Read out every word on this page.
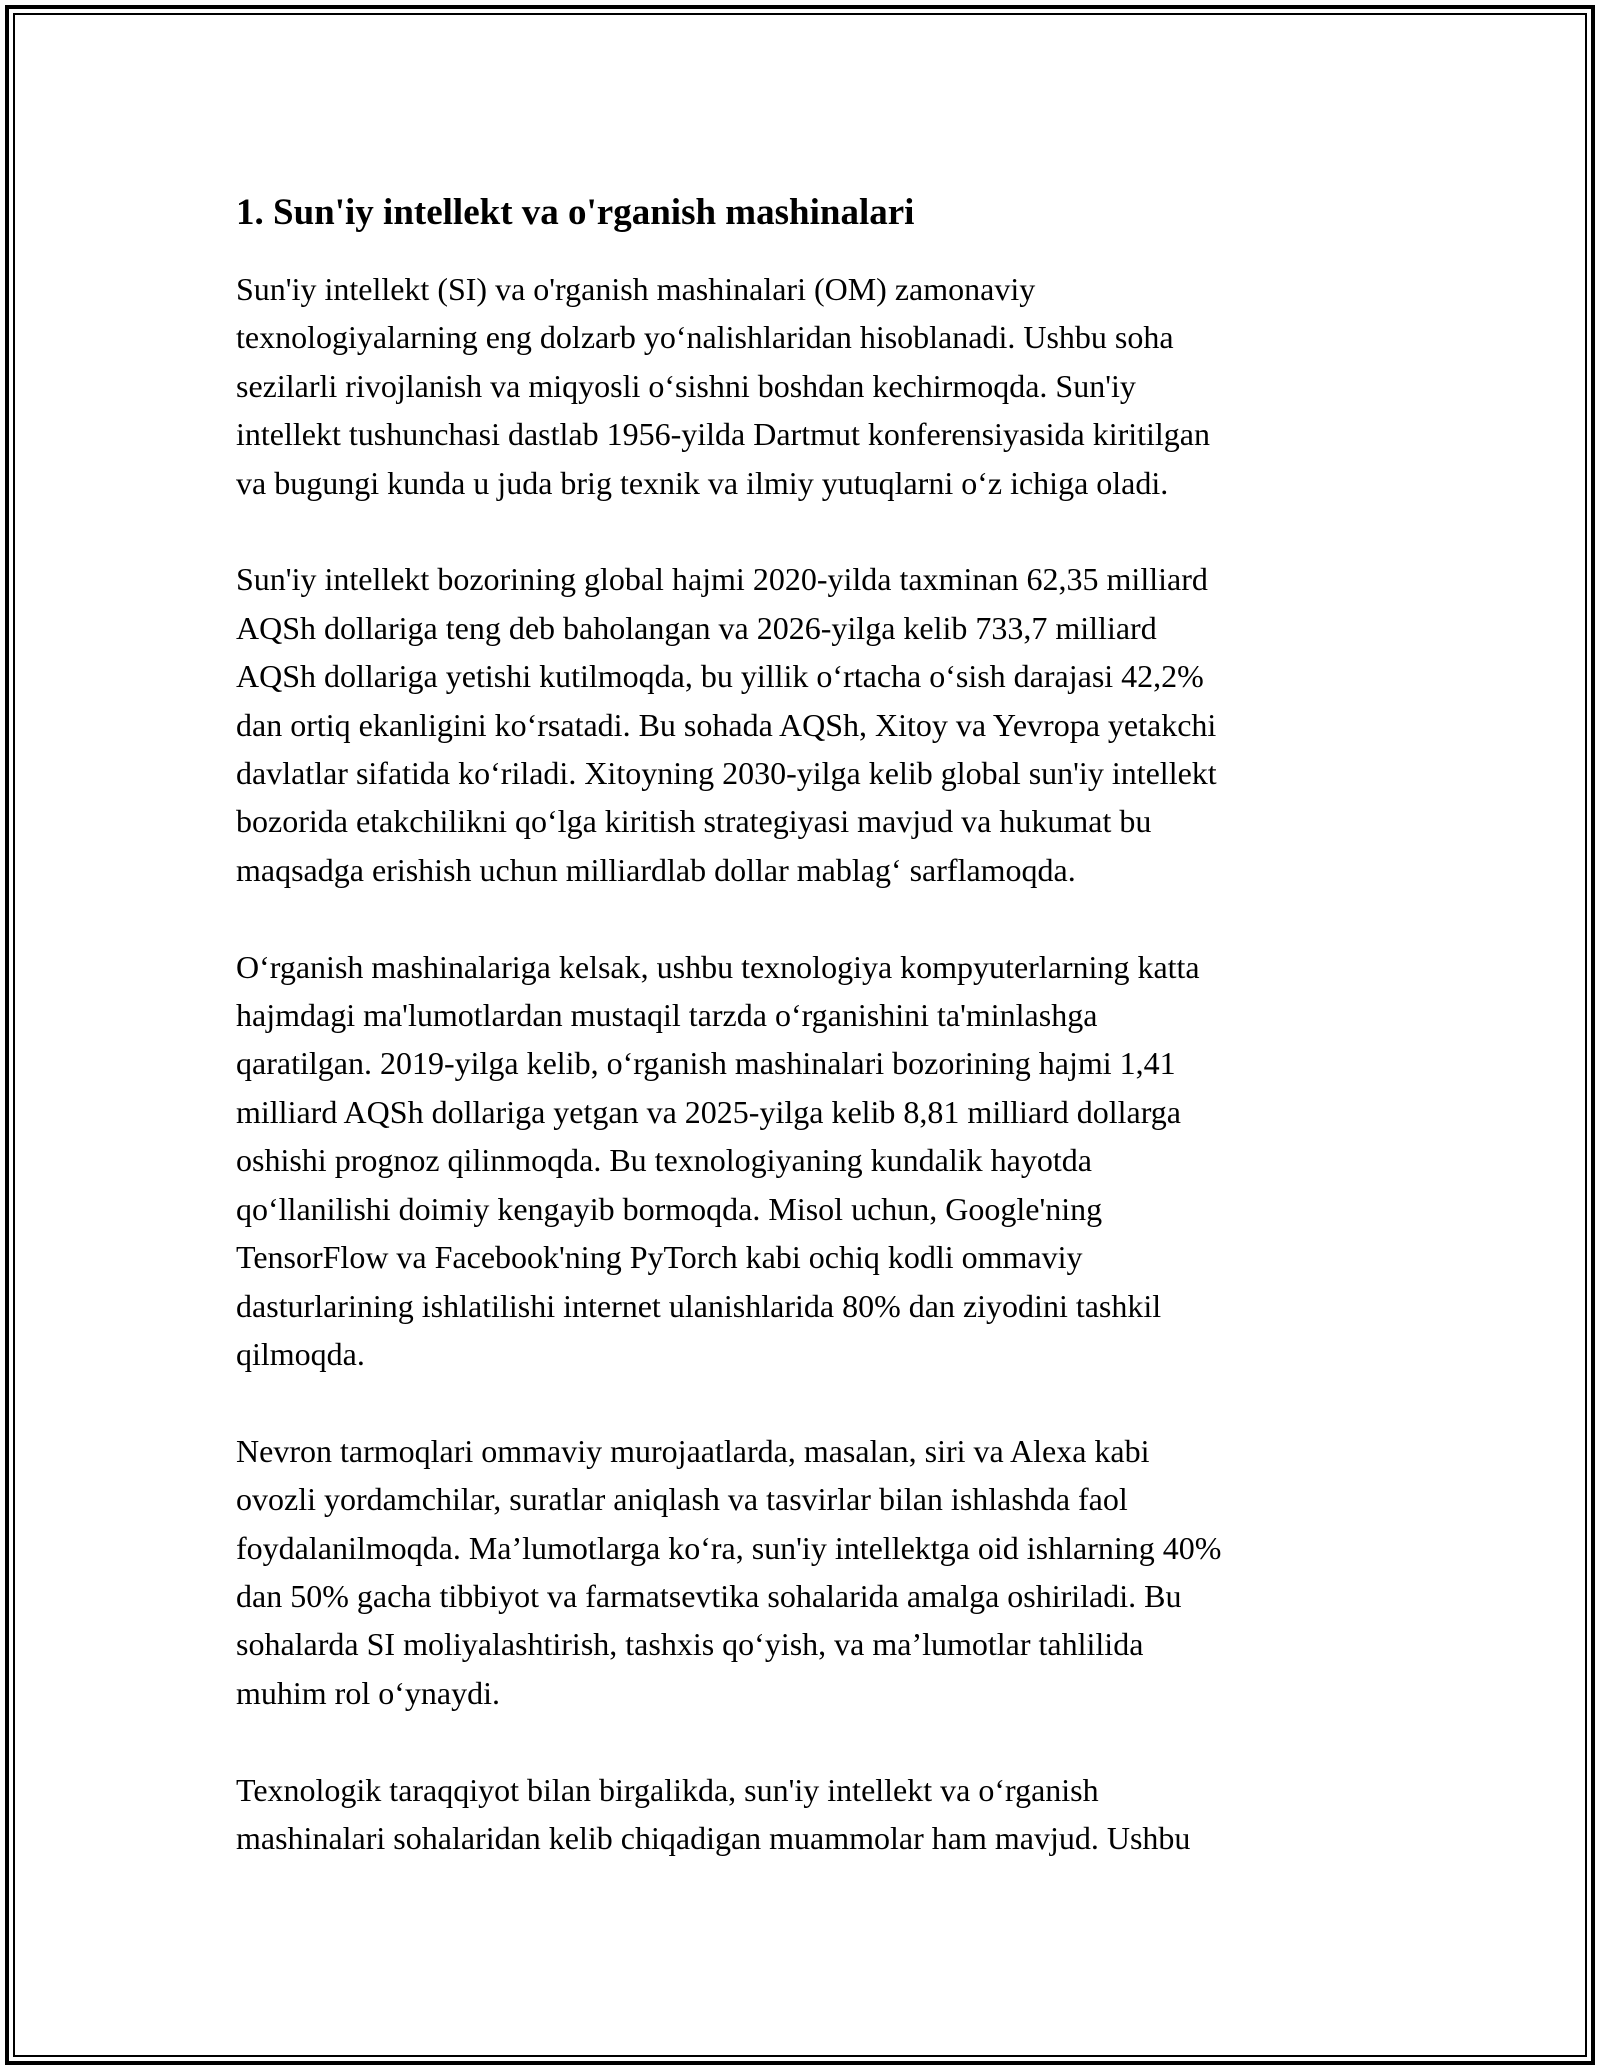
1. Sun'iy intellekt va o'rganish mashinalari

Sun'iy intellekt (SI) va o'rganish mashinalari (OM) zamonaviy
texnologiyalarning eng dolzarb yo‘nalishlaridan hisoblanadi. Ushbu soha
sezilarli rivojlanish va miqyosli o‘sishni boshdan kechirmoqda. Sun'iy
intellekt tushunchasi dastlab 1956-yilda Dartmut konferensiyasida kiritilgan
va bugungi kunda u juda brig texnik va ilmiy yutuqlarni o‘z ichiga oladi.

Sun'iy intellekt bozorining global hajmi 2020-yilda taxminan 62,35 milliard
AQSh dollariga teng deb baholangan va 2026-yilga kelib 733,7 milliard
AQSh dollariga yetishi kutilmoqda, bu yillik o‘rtacha o‘sish darajasi 42,2%
dan ortiq ekanligini ko‘rsatadi. Bu sohada AQSh, Xitoy va Yevropa yetakchi
davlatlar sifatida ko‘riladi. Xitoyning 2030-yilga kelib global sun'iy intellekt
bozorida etakchilikni qo‘lga kiritish strategiyasi mavjud va hukumat bu
maqsadga erishish uchun milliardlab dollar mablag‘ sarflamoqda.

O‘rganish mashinalariga kelsak, ushbu texnologiya kompyuterlarning katta
hajmdagi ma'lumotlardan mustaqil tarzda o‘rganishini ta'minlashga
qaratilgan. 2019-yilga kelib, o‘rganish mashinalari bozorining hajmi 1,41
milliard AQSh dollariga yetgan va 2025-yilga kelib 8,81 milliard dollarga
oshishi prognoz qilinmoqda. Bu texnologiyaning kundalik hayotda
qo‘llanilishi doimiy kengayib bormoqda. Misol uchun, Google'ning
TensorFlow va Facebook'ning PyTorch kabi ochiq kodli ommaviy
dasturlarining ishlatilishi internet ulanishlarida 80% dan ziyodini tashkil
qilmoqda.

Nevron tarmoqlari ommaviy murojaatlarda, masalan, siri va Alexa kabi
ovozli yordamchilar, suratlar aniqlash va tasvirlar bilan ishlashda faol
foydalanilmoqda. Ma’lumotlarga ko‘ra, sun'iy intellektga oid ishlarning 40%
dan 50% gacha tibbiyot va farmatsevtika sohalarida amalga oshiriladi. Bu
sohalarda SI moliyalashtirish, tashxis qo‘yish, va ma’lumotlar tahlilida
muhim rol o‘ynaydi.

Texnologik taraqqiyot bilan birgalikda, sun'iy intellekt va o‘rganish
mashinalari sohalaridan kelib chiqadigan muammolar ham mavjud. Ushbu
